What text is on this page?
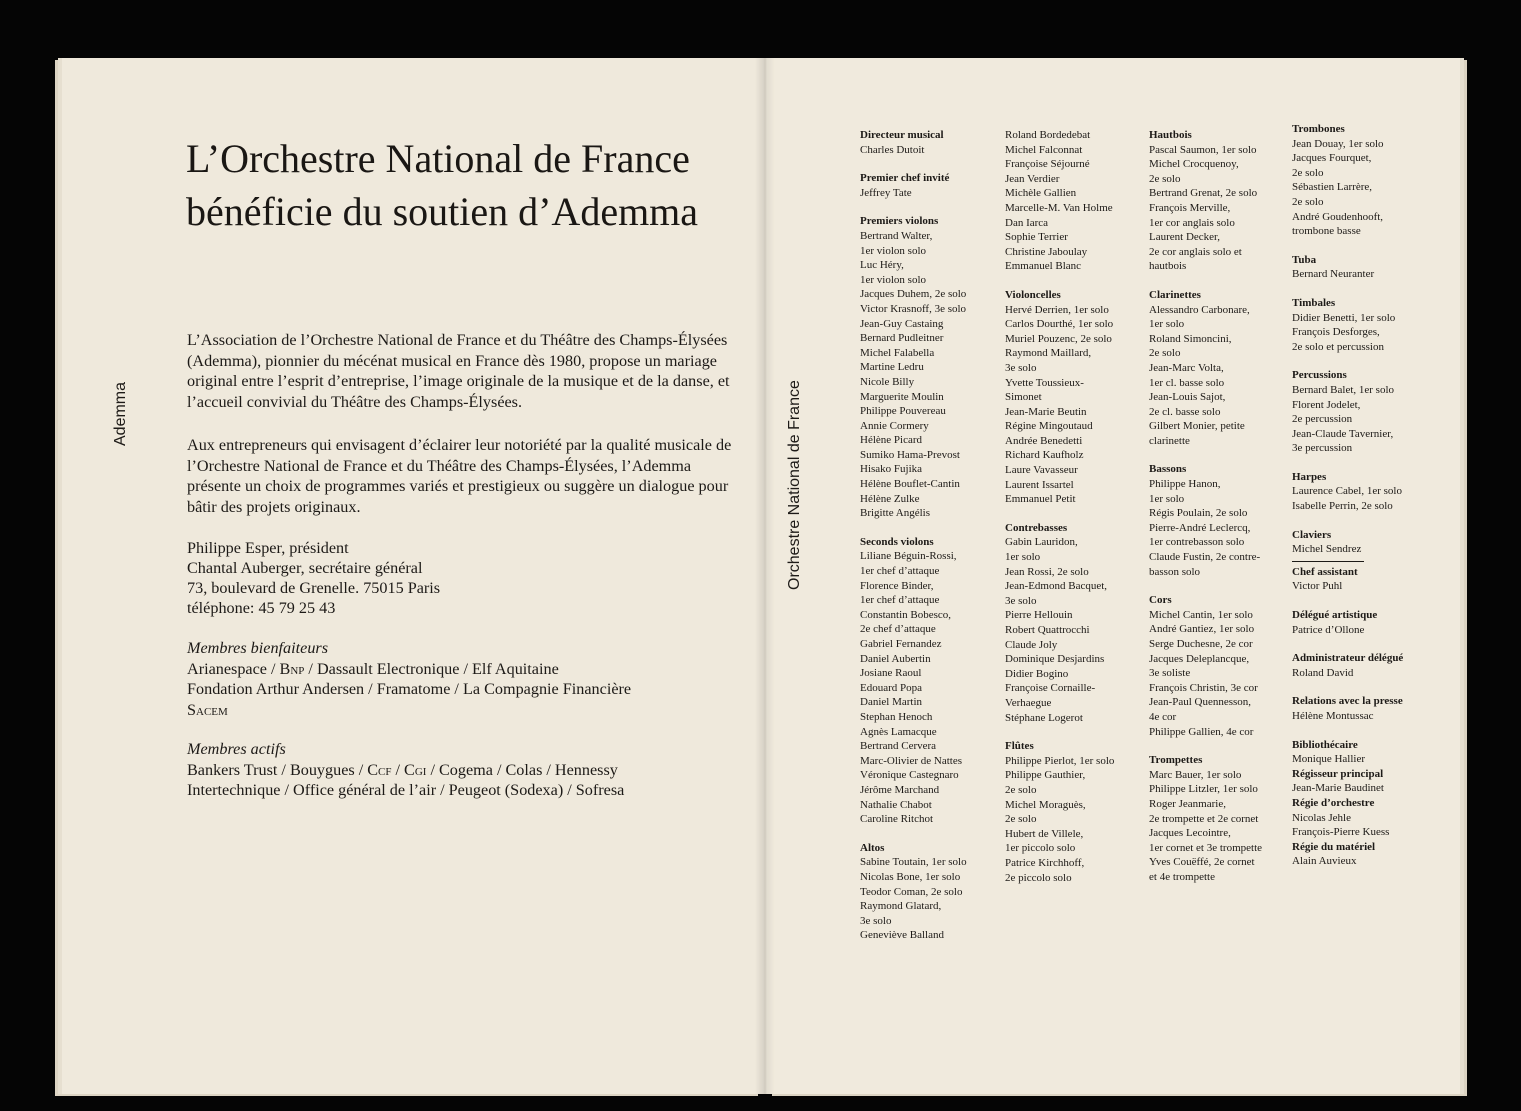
Ademma	Orchestre National de France
L’Orchestre National de France bénéficie du soutien d’Ademma

L’Association de l’Orchestre National de France et du Théâtre des Champs-Élysées (Ademma), pionnier du mécénat musical en France dès 1980, propose un mariage original entre l’esprit d’entreprise, l’image originale de la musique et de la danse, et l’accueil convivial du Théâtre des Champs-Élysées.

Aux entrepreneurs qui envisagent d’éclairer leur notoriété par la qualité musicale de l’Orchestre National de France et du Théâtre des Champs-Élysées, l’Ademma présente un choix de programmes variés et prestigieux ou suggère un dialogue pour bâtir des projets originaux.

Philippe Esper, président
Chantal Auberger, secrétaire général
73, boulevard de Grenelle. 75015 Paris
téléphone: 45 79 25 43
Membres bienfaiteurs
Arianespace / Bnp / Dassault Electronique / Elf Aquitaine
Fondation Arthur Andersen / Framatome / La Compagnie Financière
Sacem
Membres actifs
Bankers Trust / Bouygues / Ccf / Cgi / Cogema / Colas / Hennessy
Intertechnique / Office général de l’air / Peugeot (Sodexa) / Sofresa
Directeur musical
Charles Dutoit
Premier chef invité
Jeffrey Tate
Premiers violons
Bertrand Walter,
1er violon solo
Luc Héry,
1er violon solo
Jacques Duhem, 2e solo
Victor Krasnoff, 3e solo
Jean-Guy Castaing
Bernard Pudleitner
Michel Falabella
Martine Ledru
Nicole Billy
Marguerite Moulin
Philippe Pouvereau
Annie Cormery
Hélène Picard
Sumiko Hama-Prevost
Hisako Fujika
Hélène Bouflet-Cantin
Hélène Zulke
Brigitte Angélis
Seconds violons
Liliane Béguin-Rossi,
1er chef d’attaque
Florence Binder,
1er chef d’attaque
Constantin Bobesco,
2e chef d’attaque
Gabriel Fernandez
Daniel Aubertin
Josiane Raoul
Edouard Popa
Daniel Martin
Stephan Henoch
Agnès Lamacque
Bertrand Cervera
Marc-Olivier de Nattes
Véronique Castegnaro
Jérôme Marchand
Nathalie Chabot
Caroline Ritchot
Altos
Sabine Toutain, 1er solo
Nicolas Bone, 1er solo
Teodor Coman, 2e solo
Raymond Glatard,
3e solo
Geneviève Balland
Roland Bordedebat
Michel Falconnat
Françoise Séjourné
Jean Verdier
Michèle Gallien
Marcelle-M. Van Holme
Dan Iarca
Sophie Terrier
Christine Jaboulay
Emmanuel Blanc
Violoncelles
Hervé Derrien, 1er solo
Carlos Dourthé, 1er solo
Muriel Pouzenc, 2e solo
Raymond Maillard,
3e solo
Yvette Toussieux-
Simonet
Jean-Marie Beutin
Régine Mingoutaud
Andrée Benedetti
Richard Kaufholz
Laure Vavasseur
Laurent Issartel
Emmanuel Petit
Contrebasses
Gabin Lauridon,
1er solo
Jean Rossi, 2e solo
Jean-Edmond Bacquet,
3e solo
Pierre Hellouin
Robert Quattrocchi
Claude Joly
Dominique Desjardins
Didier Bogino
Françoise Cornaille-
Verhaegue
Stéphane Logerot
Flûtes
Philippe Pierlot, 1er solo
Philippe Gauthier,
2e solo
Michel Moraguès,
2e solo
Hubert de Villele,
1er piccolo solo
Patrice Kirchhoff,
2e piccolo solo
Hautbois
Pascal Saumon, 1er solo
Michel Crocquenoy,
2e solo
Bertrand Grenat, 2e solo
François Merville,
1er cor anglais solo
Laurent Decker,
2e cor anglais solo et
hautbois
Clarinettes
Alessandro Carbonare,
1er solo
Roland Simoncini,
2e solo
Jean-Marc Volta,
1er cl. basse solo
Jean-Louis Sajot,
2e cl. basse solo
Gilbert Monier, petite
clarinette
Bassons
Philippe Hanon,
1er solo
Régis Poulain, 2e solo
Pierre-André Leclercq,
1er contrebasson solo
Claude Fustin, 2e contre-
basson solo
Cors
Michel Cantin, 1er solo
André Gantiez, 1er solo
Serge Duchesne, 2e cor
Jacques Deleplancque,
3e soliste
François Christin, 3e cor
Jean-Paul Quennesson,
4e cor
Philippe Gallien, 4e cor
Trompettes
Marc Bauer, 1er solo
Philippe Litzler, 1er solo
Roger Jeanmarie,
2e trompette et 2e cornet
Jacques Lecointre,
1er cornet et 3e trompette
Yves Couëffé, 2e cornet
et 4e trompette
Trombones
Jean Douay, 1er solo
Jacques Fourquet,
2e solo
Sébastien Larrère,
2e solo
André Goudenhooft,
trombone basse
Tuba
Bernard Neuranter
Timbales
Didier Benetti, 1er solo
François Desforges,
2e solo et percussion
Percussions
Bernard Balet, 1er solo
Florent Jodelet,
2e percussion
Jean-Claude Tavernier,
3e percussion
Harpes
Laurence Cabel, 1er solo
Isabelle Perrin, 2e solo
Claviers
Michel Sendrez
Chef assistant
Victor Puhl
Délégué artistique
Patrice d’Ollone
Administrateur délégué
Roland David
Relations avec la presse
Hélène Montussac
Bibliothécaire
Monique Hallier
Régisseur principal
Jean-Marie Baudinet
Régie d’orchestre
Nicolas Jehle
François-Pierre Kuess
Régie du matériel
Alain Auvieux
